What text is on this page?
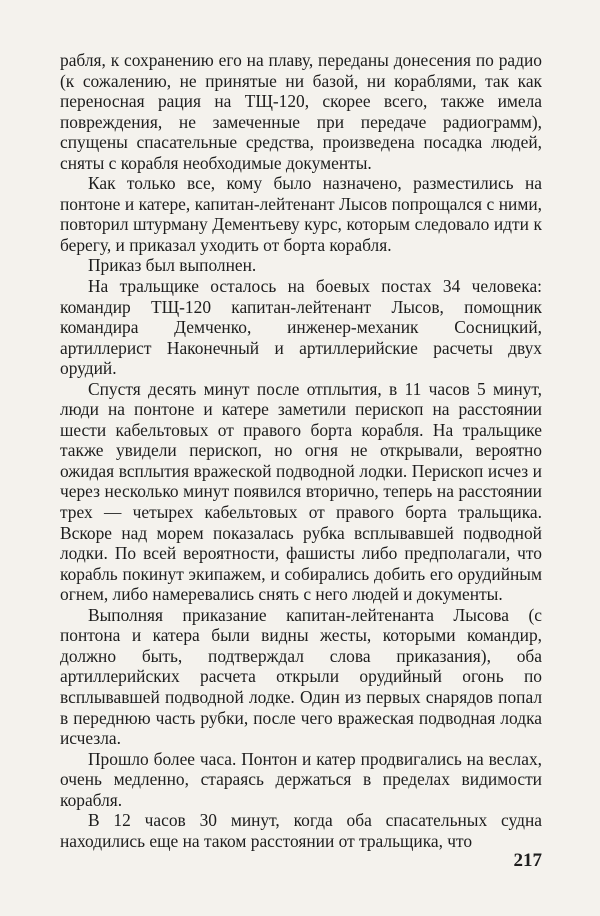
рабля, к сохранению его на плаву, переданы донесения по радио (к сожалению, не принятые ни базой, ни кораблями, так как переносная рация на ТЩ-120, скорее всего, также имела повреждения, не замеченные при передаче радиограмм), спущены спасательные средства, произведена посадка людей, сняты с корабля необходимые документы.

Как только все, кому было назначено, разместились на понтоне и катере, капитан-лейтенант Лысов попрощался с ними, повторил штурману Дементьеву курс, которым следовало идти к берегу, и приказал уходить от борта корабля.

Приказ был выполнен.

На тральщике осталось на боевых постах 34 человека: командир ТЩ-120 капитан-лейтенант Лысов, помощник командира Демченко, инженер-механик Сосницкий, артиллерист Наконечный и артиллерийские расчеты двух орудий.

Спустя десять минут после отплытия, в 11 часов 5 минут, люди на понтоне и катере заметили перископ на расстоянии шести кабельтовых от правого борта корабля. На тральщике также увидели перископ, но огня не открывали, вероятно ожидая всплытия вражеской подводной лодки. Перископ исчез и через несколько минут появился вторично, теперь на расстоянии трех — четырех кабельтовых от правого борта тральщика. Вскоре над морем показалась рубка всплывавшей подводной лодки. По всей вероятности, фашисты либо предполагали, что корабль покинут экипажем, и собирались добить его орудийным огнем, либо намеревались снять с него людей и документы.

Выполняя приказание капитан-лейтенанта Лысова (с понтона и катера были видны жесты, которыми командир, должно быть, подтверждал слова приказания), оба артиллерийских расчета открыли орудийный огонь по всплывавшей подводной лодке. Один из первых снарядов попал в переднюю часть рубки, после чего вражеская подводная лодка исчезла.

Прошло более часа. Понтон и катер продвигались на веслах, очень медленно, стараясь держаться в пределах видимости корабля.

В 12 часов 30 минут, когда оба спасательных судна находились еще на таком расстоянии от тральщика, что

217
